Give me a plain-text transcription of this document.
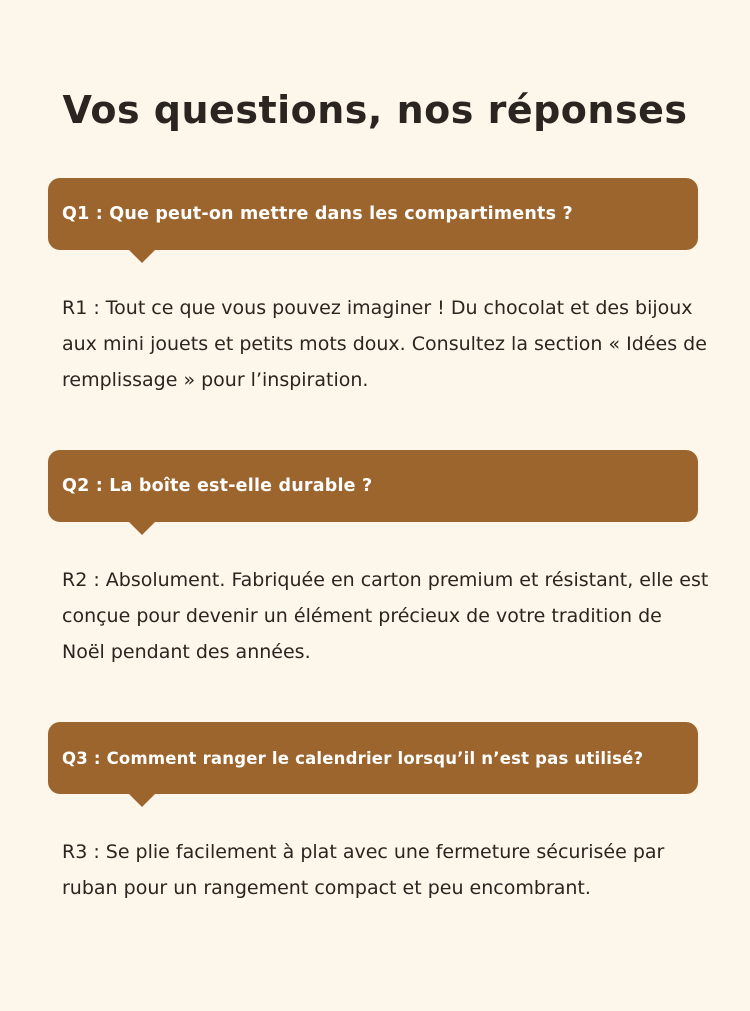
Vos questions, nos réponses
Q1 : Que peut-on mettre dans les compartiments ?

R1 : Tout ce que vous pouvez imaginer ! Du chocolat et des bijoux aux mini jouets et petits mots doux. Consultez la section « Idées de remplissage » pour l’inspiration.

Q2 : La boîte est-elle durable ?

R2 : Absolument. Fabriquée en carton premium et résistant, elle est conçue pour devenir un élément précieux de votre tradition de Noël pendant des années.

Q3 : Comment ranger le calendrier lorsqu’il n’est pas utilisé?

R3 : Se plie facilement à plat avec une fermeture sécurisée par ruban pour un rangement compact et peu encombrant.
